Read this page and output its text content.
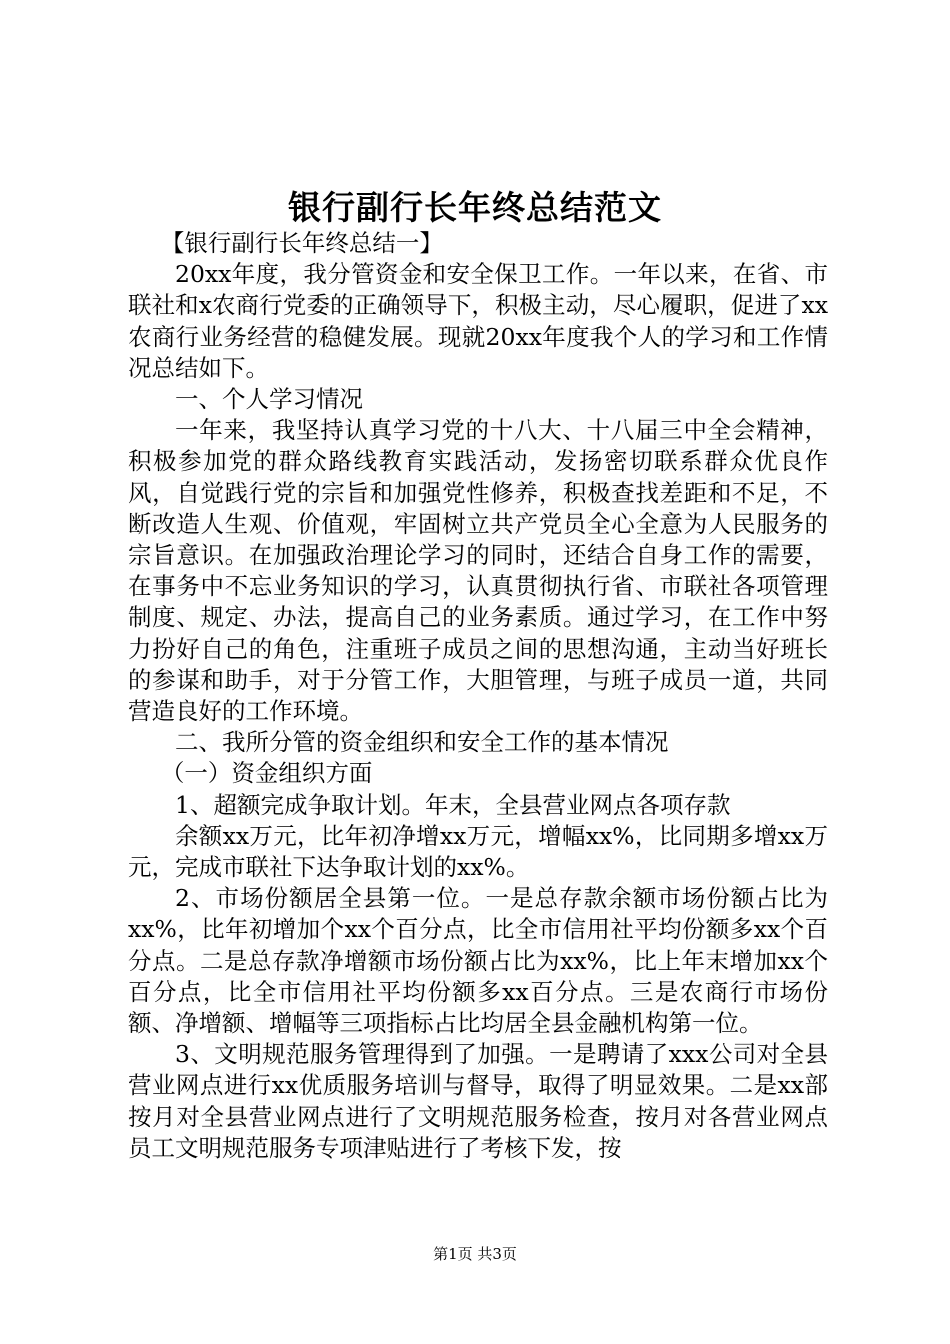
银行副行长年终总结范文

【银行副行长年终总结一】

20xx年度，我分管资金和安全保卫工作。一年以来，在省、市联社和x农商行党委的正确领导下，积极主动，尽心履职，促进了xx农商行业务经营的稳健发展。现就20xx年度我个人的学习和工作情况总结如下。

一、个人学习情况

一年来，我坚持认真学习党的十八大、十八届三中全会精神，积极参加党的群众路线教育实践活动，发扬密切联系群众优良作风，自觉践行党的宗旨和加强党性修养，积极查找差距和不足，不断改造人生观、价值观，牢固树立共产党员全心全意为人民服务的宗旨意识。在加强政治理论学习的同时，还结合自身工作的需要，在事务中不忘业务知识的学习，认真贯彻执行省、市联社各项管理制度、规定、办法，提高自己的业务素质。通过学习，在工作中努力扮好自己的角色，注重班子成员之间的思想沟通，主动当好班长的参谋和助手，对于分管工作，大胆管理，与班子成员一道，共同营造良好的工作环境。

二、我所分管的资金组织和安全工作的基本情况

（一）资金组织方面

1、超额完成争取计划。年末，全县营业网点各项存款

余额xx万元，比年初净增xx万元，增幅xx%，比同期多增xx万元，完成市联社下达争取计划的xx%。

2、市场份额居全县第一位。一是总存款余额市场份额占比为xx%，比年初增加个xx个百分点，比全市信用社平均份额多xx个百分点。二是总存款净增额市场份额占比为xx%，比上年末增加xx个百分点，比全市信用社平均份额多xx百分点。三是农商行市场份额、净增额、增幅等三项指标占比均居全县金融机构第一位。

3、文明规范服务管理得到了加强。一是聘请了xxx公司对全县营业网点进行xx优质服务培训与督导，取得了明显效果。二是xx部按月对全县营业网点进行了文明规范服务检查，按月对各营业网点员工文明规范服务专项津贴进行了考核下发，按

第1页 共3页
